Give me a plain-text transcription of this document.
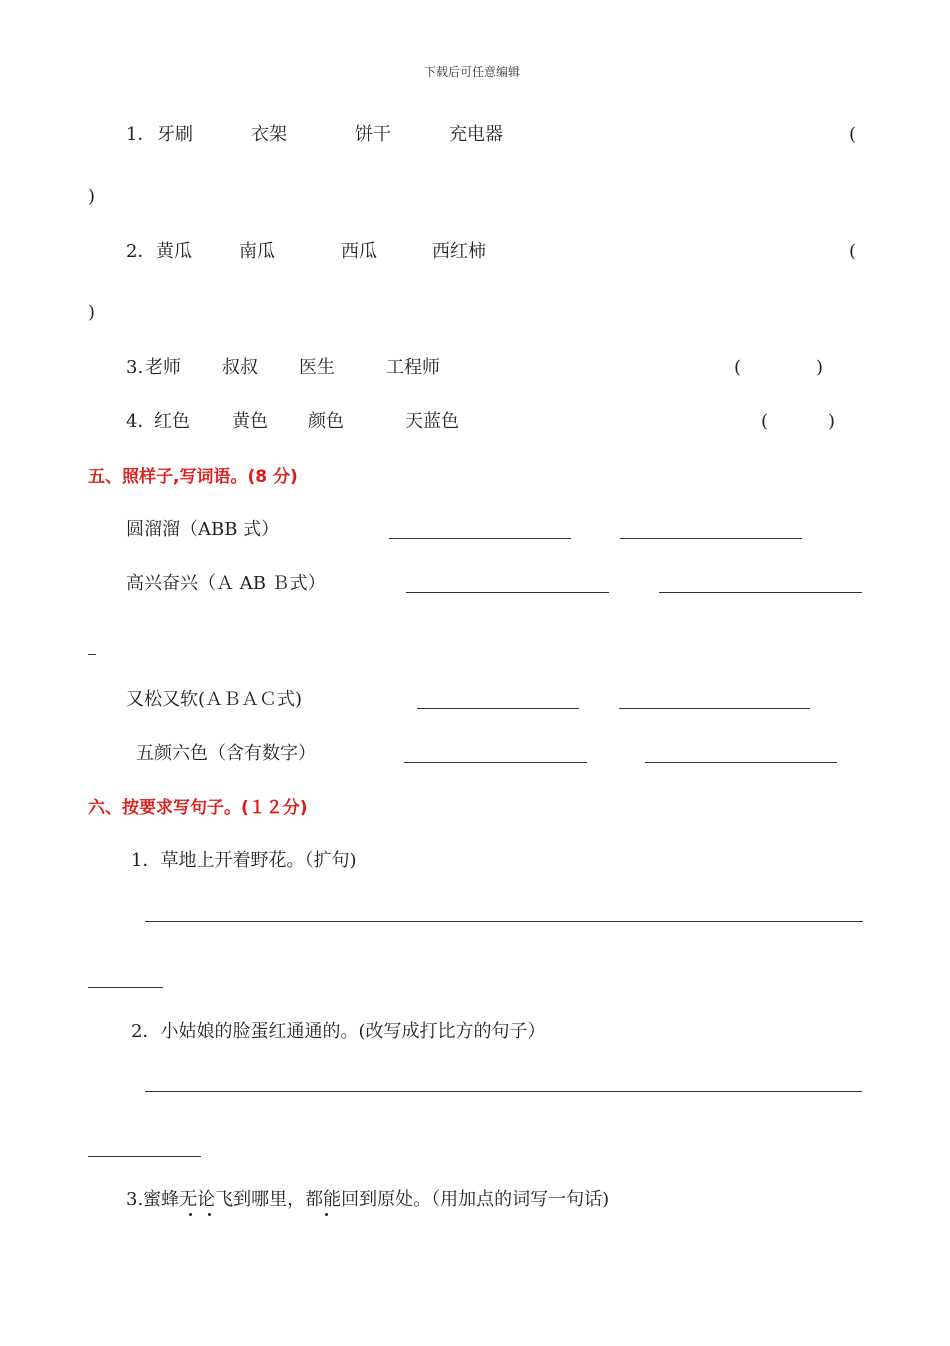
下载后可任意编辑
1． 牙刷	衣架	饼干	充电器	(
)
2． 黄瓜	南瓜	西瓜	西红柿	(
)
3. 老师 叔叔 医生	工程师	(	)
4．
红色 黄色 颜色	天蓝色	(	)
五、照样子,写词语。(8 分)
圆溜溜（ABB 式）
高兴奋兴（Ａ AB Ｂ式）
又松又软(ＡＢＡＣ式)
五颜六色（含有数字）
六、按要求写句子。(１２分)
1．草地上开着野花。（扩句)
2．小姑娘的脸蛋红通通的。(改写成打比方的句子）
3.蜜蜂无论飞到哪里，都能回到原处。（用加点的词写一句话)
